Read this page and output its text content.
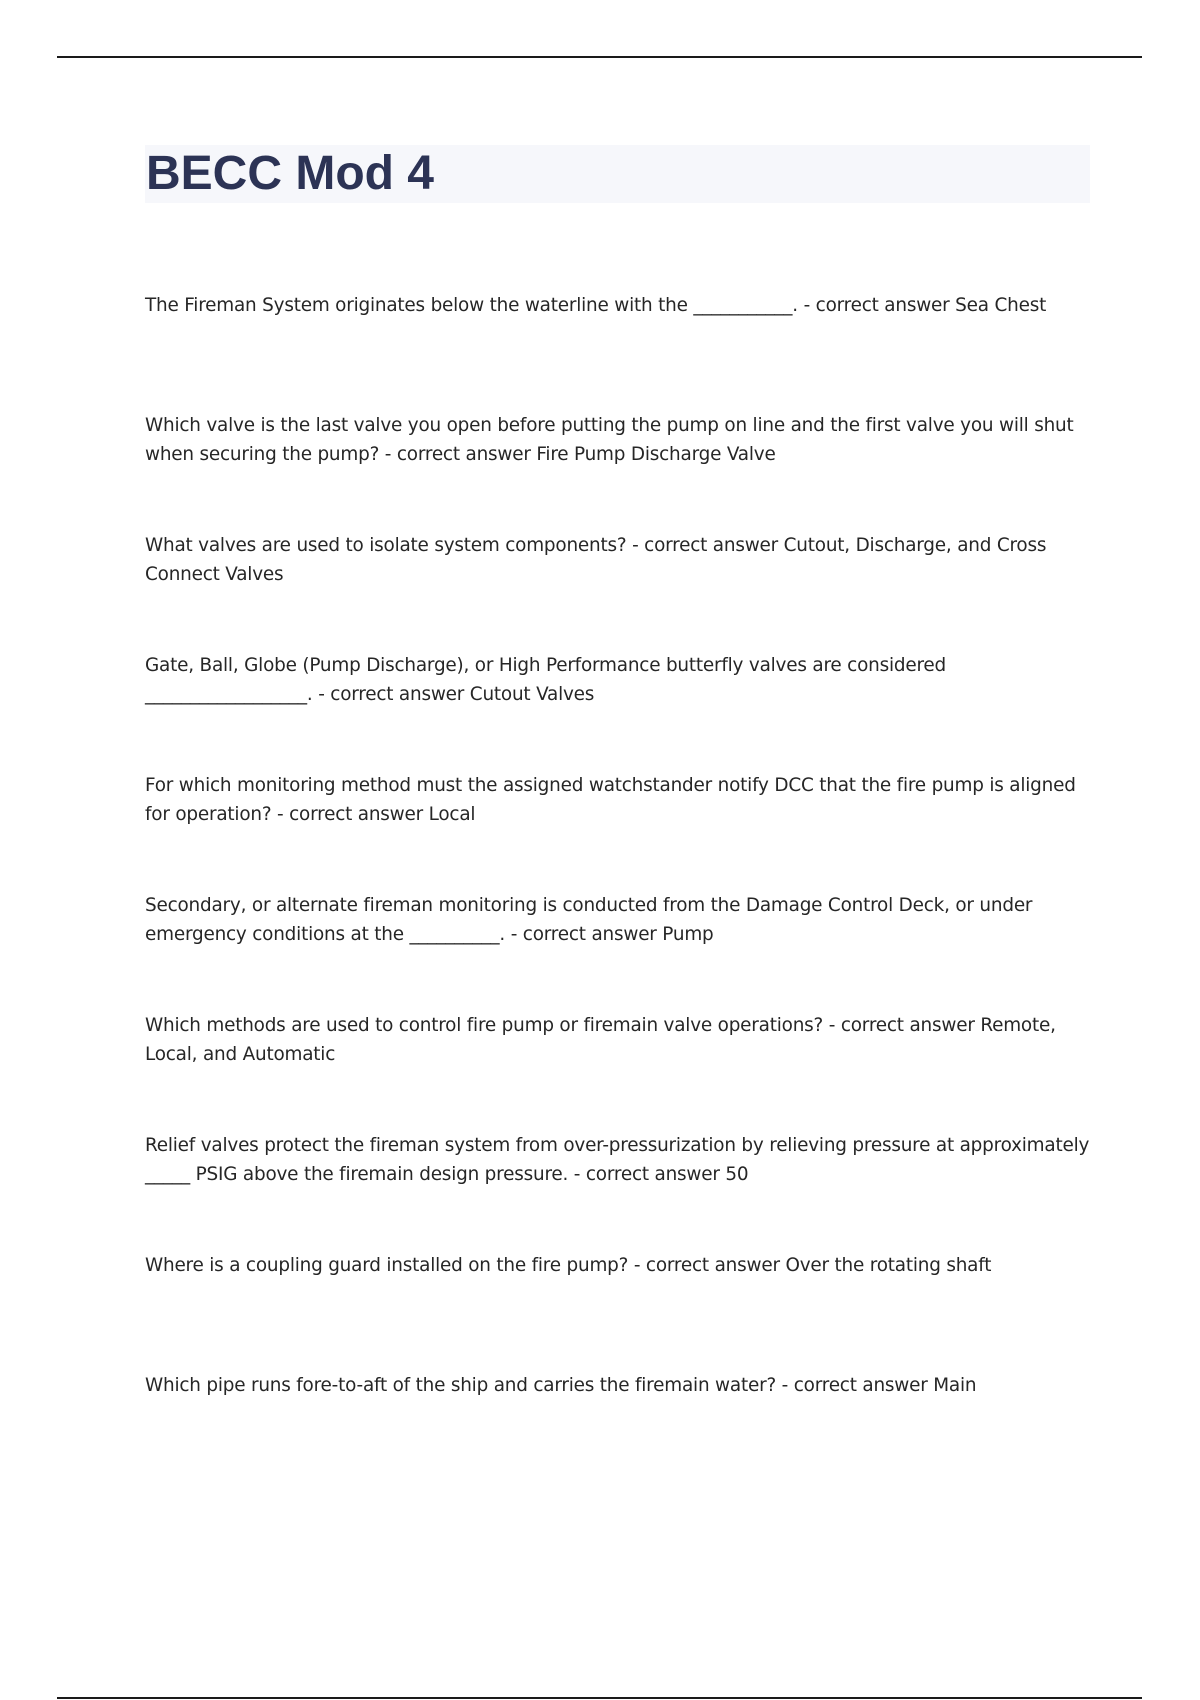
BECC Mod 4
The Fireman System originates below the waterline with the ___________. - correct answer Sea Chest
Which valve is the last valve you open before putting the pump on line and the first valve you will shut when securing the pump? - correct answer Fire Pump Discharge Valve
What valves are used to isolate system components? - correct answer Cutout, Discharge, and Cross Connect Valves
Gate, Ball, Globe (Pump Discharge), or High Performance butterfly valves are considered __________________. - correct answer Cutout Valves
For which monitoring method must the assigned watchstander notify DCC that the fire pump is aligned for operation? - correct answer Local
Secondary, or alternate fireman monitoring is conducted from the Damage Control Deck, or under emergency conditions at the __________. - correct answer Pump
Which methods are used to control fire pump or firemain valve operations? - correct answer Remote, Local, and Automatic
Relief valves protect the fireman system from over-pressurization by relieving pressure at approximately _____ PSIG above the firemain design pressure. - correct answer 50
Where is a coupling guard installed on the fire pump? - correct answer Over the rotating shaft
Which pipe runs fore-to-aft of the ship and carries the firemain water? - correct answer Main
